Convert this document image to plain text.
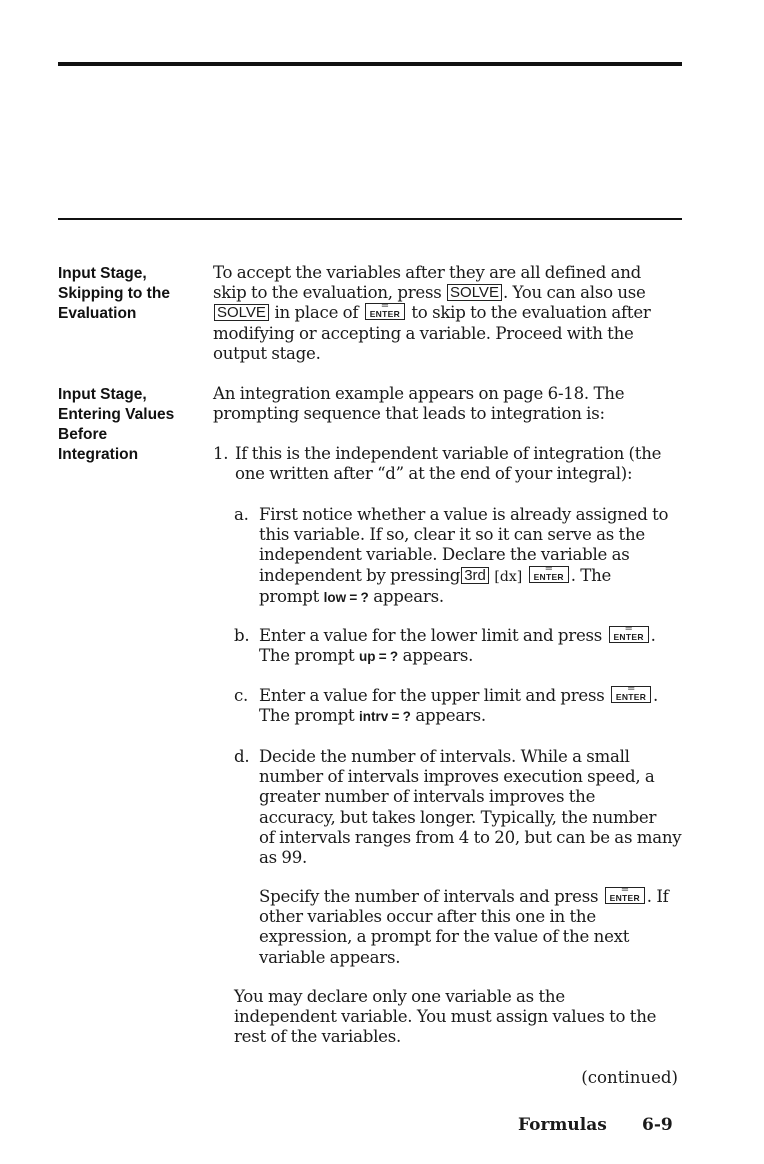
Input Stage,
Skipping to the
Evaluation
To accept the variables after they are all defined and
skip to the evaluation, press SOLVE . You can also use
SOLVE in place of	=
ENTER to skip to the evaluation after
modifying or accepting a variable. Proceed with the
output stage.
Input Stage,
Entering Values
Before
Integration
An integration example appears on page 6-18. The
prompting sequence that leads to integration is:
1. If this is the independent variable of integration (the
one written after “d” at the end of your integral):
a. First notice whether a value is already assigned to
this variable. If so, clear it so it can serve as the
independent variable. Declare the variable as
independent by pressing 3rd [dx]
=
ENTER . The
prompt low = ? appears.
b. Enter a value for the lower limit and press	=
ENTER .
The prompt up = ? appears.
c. Enter a value for the upper limit and press	=
ENTER .
The prompt intrv = ? appears.
d. Decide the number of intervals. While a small
number of intervals improves execution speed, a
greater number of intervals improves the
accuracy, but takes longer. Typically, the number
of intervals ranges from 4 to 20, but can be as many
as 99.
Specify the number of intervals and press	=
ENTER . If
other variables occur after this one in the
expression, a prompt for the value of the next
variable appears.
You may declare only one variable as the
independent variable. You must assign values to the
rest of the variables.
(continued)
Formulas 6-9
